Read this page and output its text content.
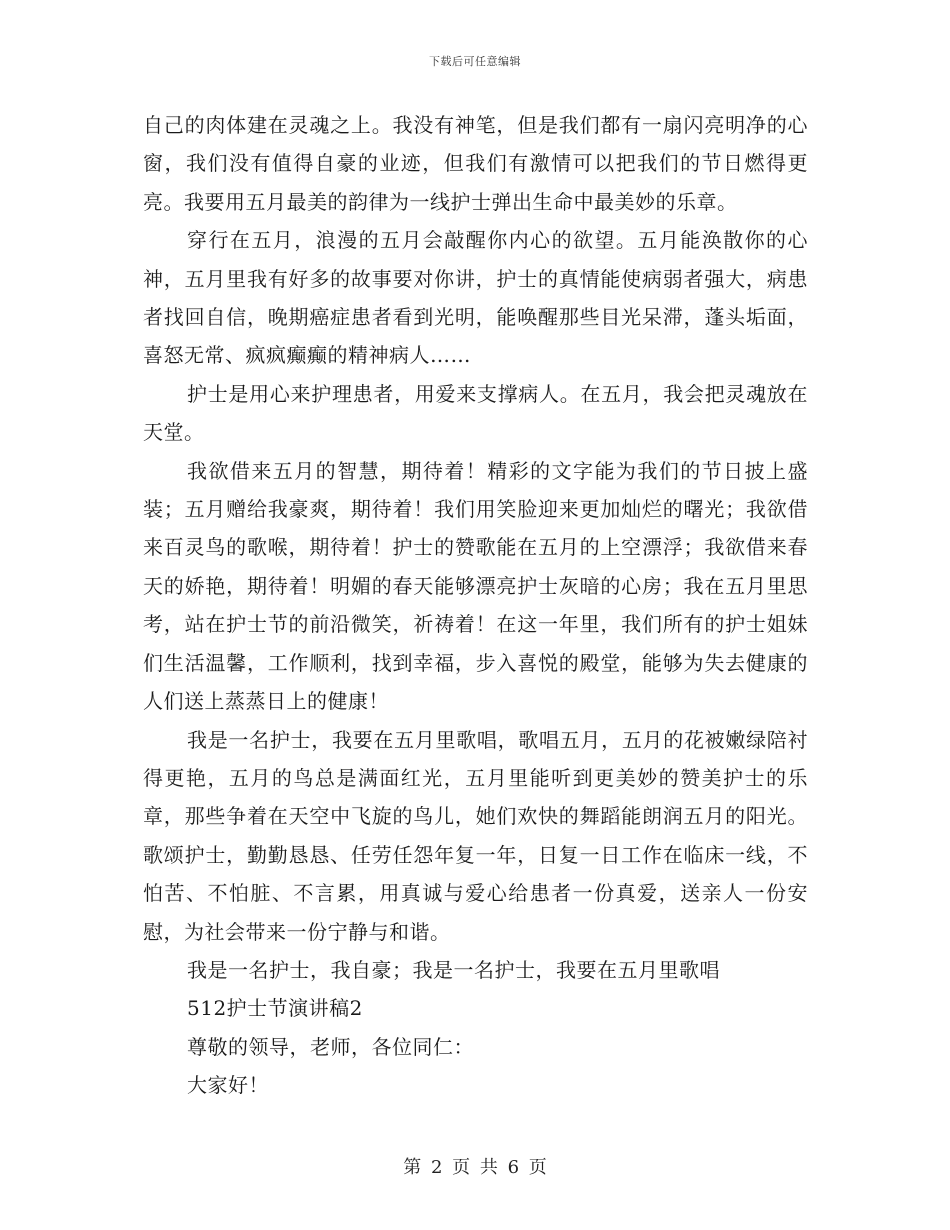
下载后可任意编辑

自己的肉体建在灵魂之上。我没有神笔，但是我们都有一扇闪亮明净的心窗，我们没有值得自豪的业迹，但我们有激情可以把我们的节日燃得更亮。我要用五月最美的韵律为一线护士弹出生命中最美妙的乐章。

穿行在五月，浪漫的五月会敲醒你内心的欲望。五月能涣散你的心神，五月里我有好多的故事要对你讲，护士的真情能使病弱者强大，病患者找回自信，晚期癌症患者看到光明，能唤醒那些目光呆滞，蓬头垢面，喜怒无常、疯疯癫癫的精神病人……

护士是用心来护理患者，用爱来支撑病人。在五月，我会把灵魂放在天堂。

我欲借来五月的智慧，期待着！精彩的文字能为我们的节日披上盛装；五月赠给我豪爽，期待着！我们用笑脸迎来更加灿烂的曙光；我欲借来百灵鸟的歌喉，期待着！护士的赞歌能在五月的上空漂浮；我欲借来春天的娇艳，期待着！明媚的春天能够漂亮护士灰暗的心房；我在五月里思考，站在护士节的前沿微笑，祈祷着！在这一年里，我们所有的护士姐妹们生活温馨，工作顺利，找到幸福，步入喜悦的殿堂，能够为失去健康的人们送上蒸蒸日上的健康！

我是一名护士，我要在五月里歌唱，歌唱五月，五月的花被嫩绿陪衬得更艳，五月的鸟总是满面红光，五月里能听到更美妙的赞美护士的乐章，那些争着在天空中飞旋的鸟儿，她们欢快的舞蹈能朗润五月的阳光。歌颂护士，勤勤恳恳、任劳任怨年复一年，日复一日工作在临床一线，不怕苦、不怕脏、不言累，用真诚与爱心给患者一份真爱，送亲人一份安慰，为社会带来一份宁静与和谐。

我是一名护士，我自豪；我是一名护士，我要在五月里歌唱

512护士节演讲稿2

尊敬的领导，老师，各位同仁：

大家好！

第 2 页 共 6 页
